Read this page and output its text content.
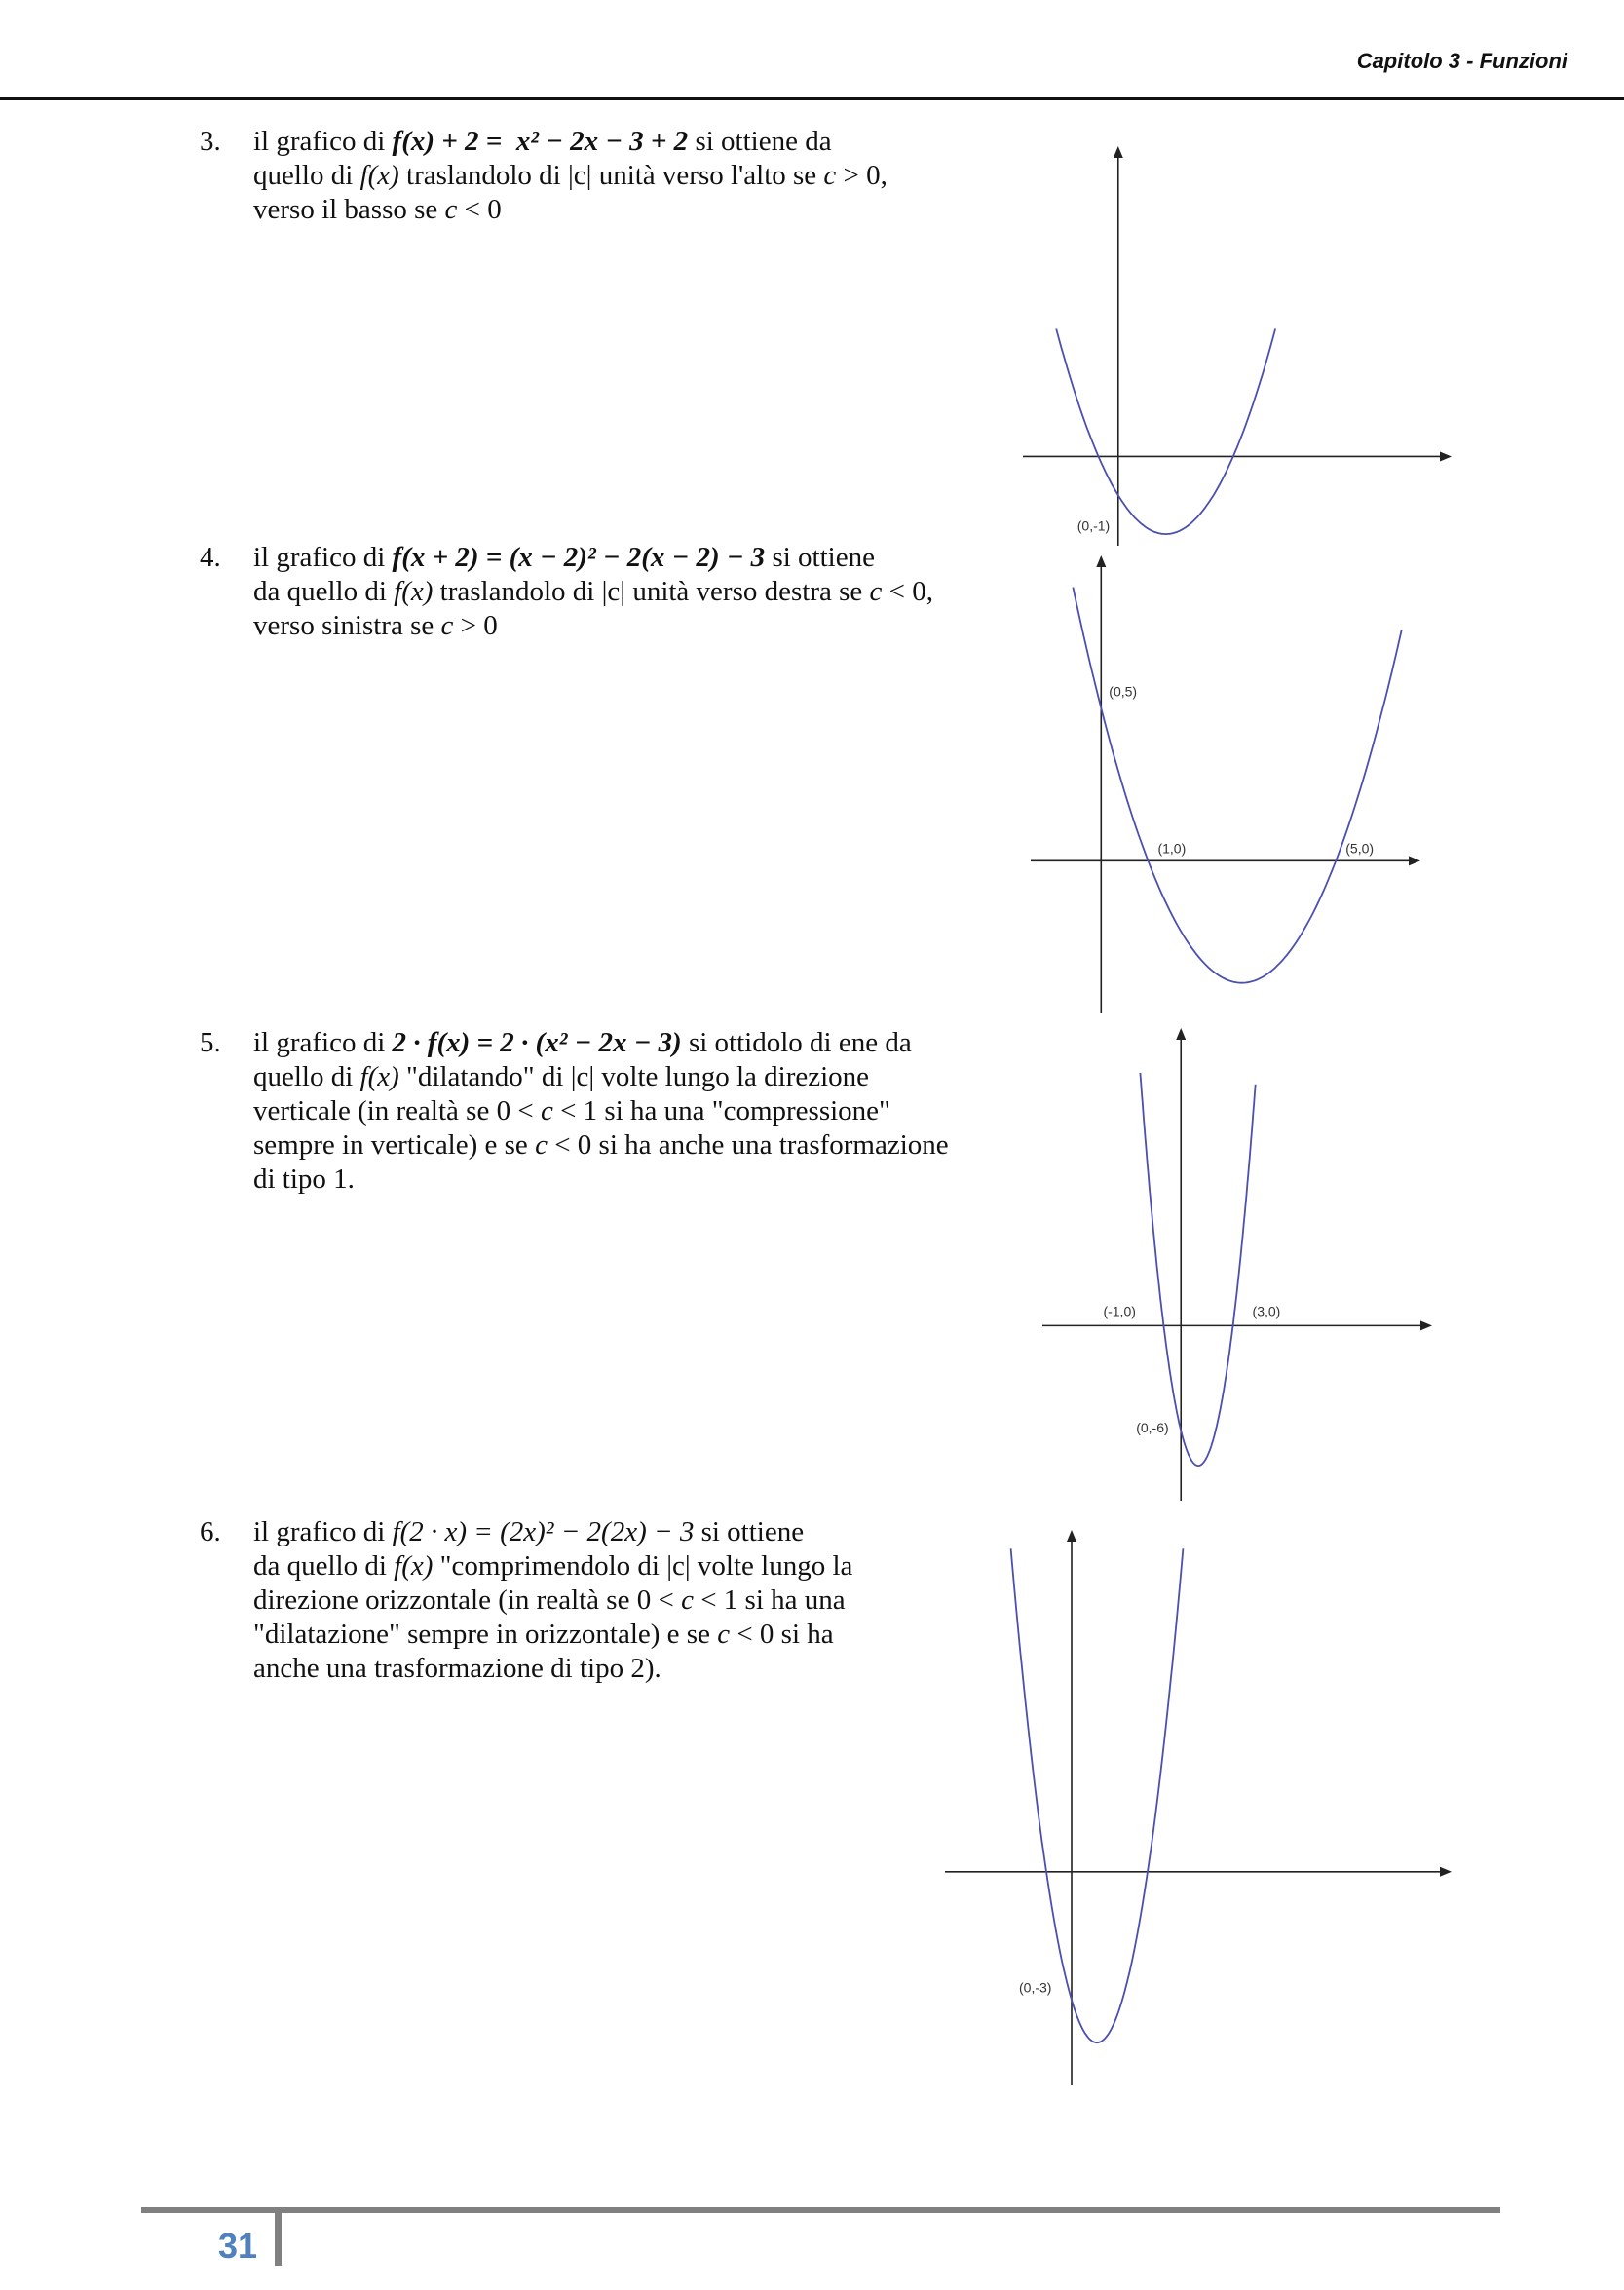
Capitolo 3 - Funzioni
3. il grafico di f(x) + 2 =  x² − 2x − 3 + 2 si ottiene da
quello di f(x) traslandolo di |c| unità verso l'alto se c > 0,
verso il basso se c < 0
4. il grafico di f(x + 2) = (x − 2)² − 2(x − 2) − 3 si ottiene
da quello di f(x) traslandolo di |c| unità verso destra se c < 0,
verso sinistra se c > 0
5. il grafico di 2 · f(x) = 2 · (x² − 2x − 3) si ottidolo di ene da
quello di f(x) "dilatando" di |c| volte lungo la direzione
verticale (in realtà se 0 < c < 1 si ha una "compressione"
sempre in verticale) e se c < 0 si ha anche una trasformazione
di tipo 1.
6. il grafico di f(2 · x) = (2x)² − 2(2x) − 3 si ottiene
da quello di f(x) "comprimendolo di |c| volte lungo la
direzione orizzontale (in realtà se 0 < c < 1 si ha una
"dilatazione" sempre in orizzontale) e se c < 0 si ha
anche una trasformazione di tipo 2).
(0,-1)
(0,5)
(1,0)	(5,0)
(-1,0)	(3,0)
(0,-6)
(0,-3)
31
